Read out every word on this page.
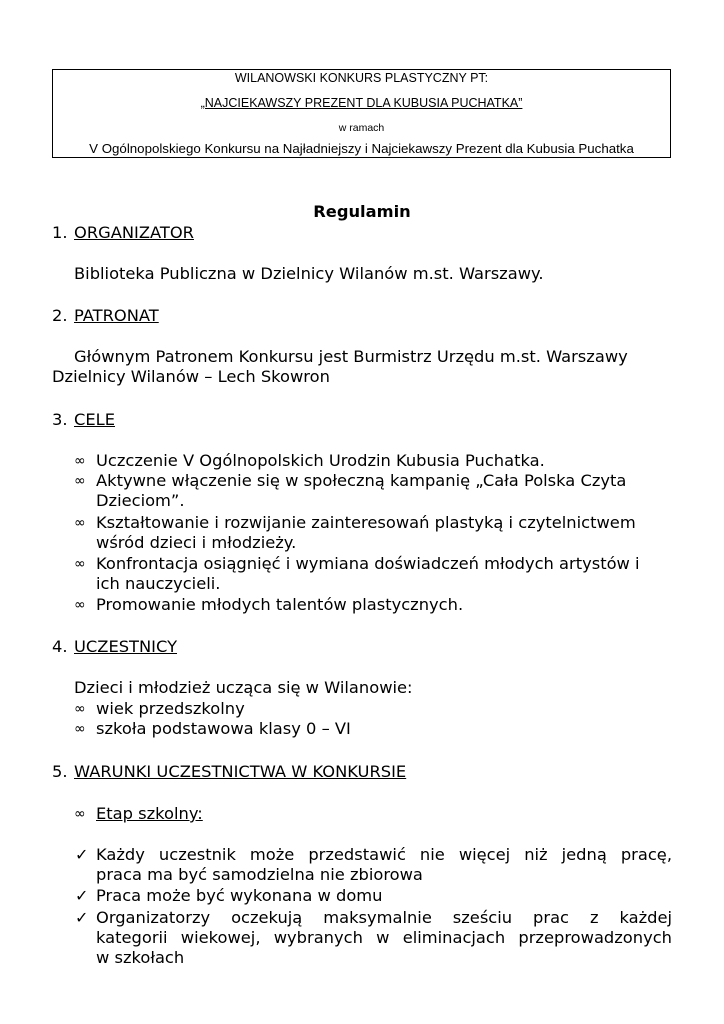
WILANOWSKI KONKURS PLASTYCZNY PT:
„NAJCIEKAWSZY PREZENT DLA KUBUSIA PUCHATKA”
w ramach
V Ogólnopolskiego Konkursu na Najładniejszy i Najciekawszy Prezent dla Kubusia Puchatka
Regulamin
1. ORGANIZATOR
Biblioteka Publiczna w Dzielnicy Wilanów m.st. Warszawy.
2. PATRONAT
Głównym Patronem Konkursu jest Burmistrz Urzędu m.st. Warszawy
Dzielnicy Wilanów – Lech Skowron
3. CELE
∞ Uczczenie V Ogólnopolskich Urodzin Kubusia Puchatka.
∞ Aktywne włączenie się w społeczną kampanię „Cała Polska Czyta
Dzieciom”.
∞ Kształtowanie i rozwijanie zainteresowań plastyką i czytelnictwem
wśród dzieci i młodzieży.
∞ Konfrontacja osiągnięć i wymiana doświadczeń młodych artystów i
ich nauczycieli.
∞ Promowanie młodych talentów plastycznych.
4. UCZESTNICY
Dzieci i młodzież ucząca się w Wilanowie:
∞ wiek przedszkolny
∞ szkoła podstawowa klasy 0 – VI
5. WARUNKI UCZESTNICTWA W KONKURSIE
∞ Etap szkolny:
✓ Każdy uczestnik może przedstawić nie więcej niż jedną pracę,
praca ma być samodzielna nie zbiorowa
✓ Praca może być wykonana w domu
✓ Organizatorzy oczekują maksymalnie sześciu prac z każdej
kategorii wiekowej, wybranych w eliminacjach przeprowadzonych
w szkołach
